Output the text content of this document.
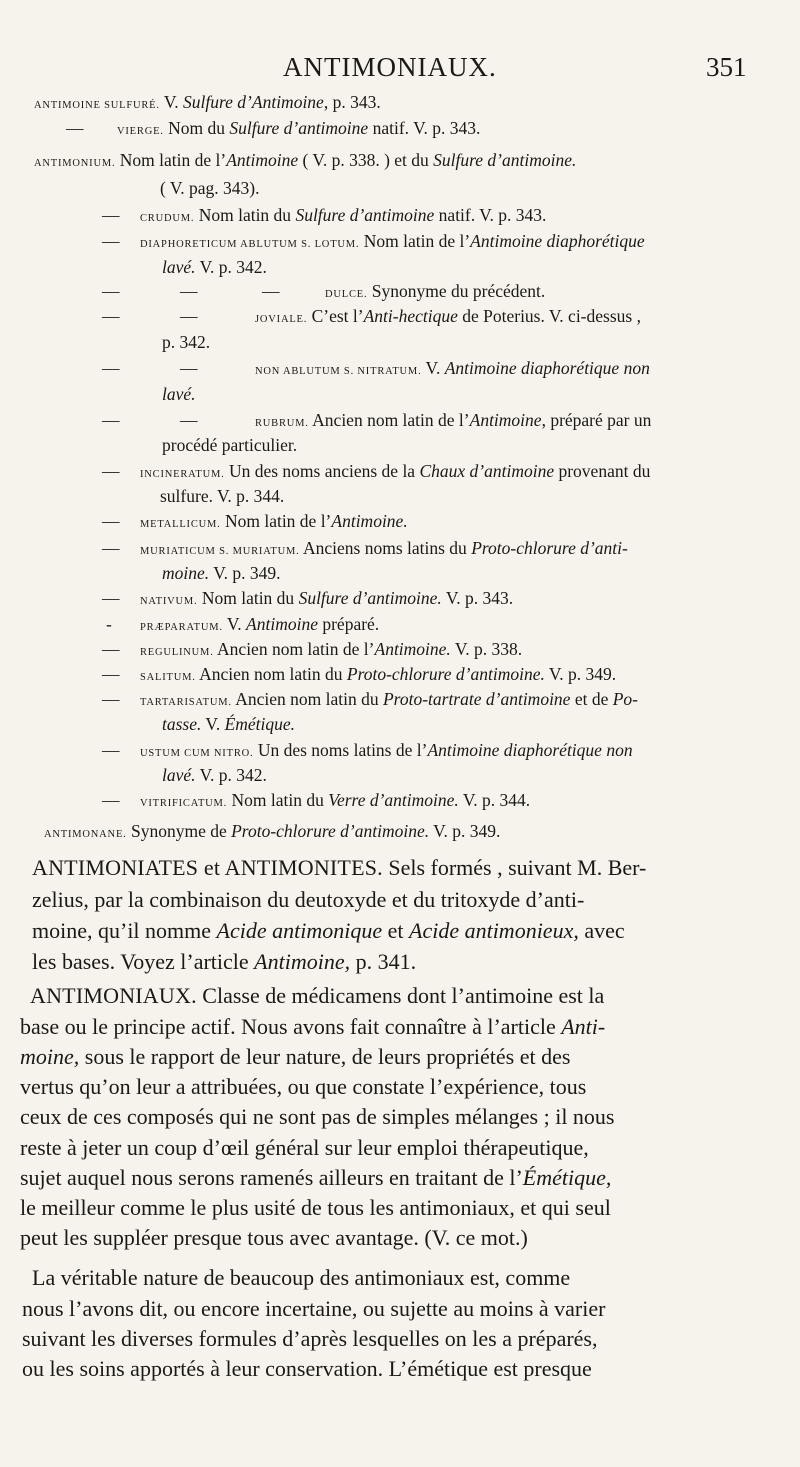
ANTIMONIAUX.	351
ANTIMOINE SULFURÉ. V. Sulfure d’Antimoine, p. 343.
—	VIERGE. Nom du Sulfure d’antimoine natif. V. p. 343.
ANTIMONIUM. Nom latin de l’Antimoine ( V. p. 338. ) et du Sulfure d’antimoine.
( V. pag. 343).
— CRUDUM. Nom latin du Sulfure d’antimoine natif. V. p. 343.
— DIAPHORETICUM ABLUTUM S. LOTUM. Nom latin de l’Antimoine diaphorétique
lavé. V. p. 342.
—	—	—	DULCE. Synonyme du précédent.
—	—	JOVIALE. C’est l’Anti-hectique de Poterius. V. ci-dessus ,
p. 342.
—	—	NON ABLUTUM S. NITRATUM. V. Antimoine diaphorétique non
lavé.
—	—	RUBRUM. Ancien nom latin de l’Antimoine, préparé par un
procédé particulier.
— INCINERATUM. Un des noms anciens de la Chaux d’antimoine provenant du
sulfure. V. p. 344.
— METALLICUM. Nom latin de l’Antimoine.
— MURIATICUM S. MURIATUM. Anciens noms latins du Proto-chlorure d’anti-
moine. V. p. 349.
— NATIVUM. Nom latin du Sulfure d’antimoine. V. p. 343.
-	PRÆPARATUM. V. Antimoine préparé.
— REGULINUM. Ancien nom latin de l’Antimoine. V. p. 338.
— SALITUM. Ancien nom latin du Proto-chlorure d’antimoine. V. p. 349.
— TARTARISATUM. Ancien nom latin du Proto-tartrate d’antimoine et de Po-
tasse. V. Émétique.
— USTUM CUM NITRO. Un des noms latins de l’Antimoine diaphorétique non
lavé. V. p. 342.
— VITRIFICATUM. Nom latin du Verre d’antimoine. V. p. 344.
ANTIMONANE. Synonyme de Proto-chlorure d’antimoine. V. p. 349.
ANTIMONIATES et ANTIMONITES. Sels formés , suivant M. Ber-
zelius, par la combinaison du deutoxyde et du tritoxyde d’anti-
moine, qu’il nomme Acide antimonique et Acide antimonieux, avec
les bases. Voyez l’article Antimoine, p. 341.
ANTIMONIAUX. Classe de médicamens dont l’antimoine est la
base ou le principe actif. Nous avons fait connaître à l’article Anti-
moine, sous le rapport de leur nature, de leurs propriétés et des
vertus qu’on leur a attribuées, ou que constate l’expérience, tous
ceux de ces composés qui ne sont pas de simples mélanges ; il nous
reste à jeter un coup d’œil général sur leur emploi thérapeutique,
sujet auquel nous serons ramenés ailleurs en traitant de l’Émétique,
le meilleur comme le plus usité de tous les antimoniaux, et qui seul
peut les suppléer presque tous avec avantage. (V. ce mot.)
La véritable nature de beaucoup des antimoniaux est, comme
nous l’avons dit, ou encore incertaine, ou sujette au moins à varier
suivant les diverses formules d’après lesquelles on les a préparés,
ou les soins apportés à leur conservation. L’émétique est presque
